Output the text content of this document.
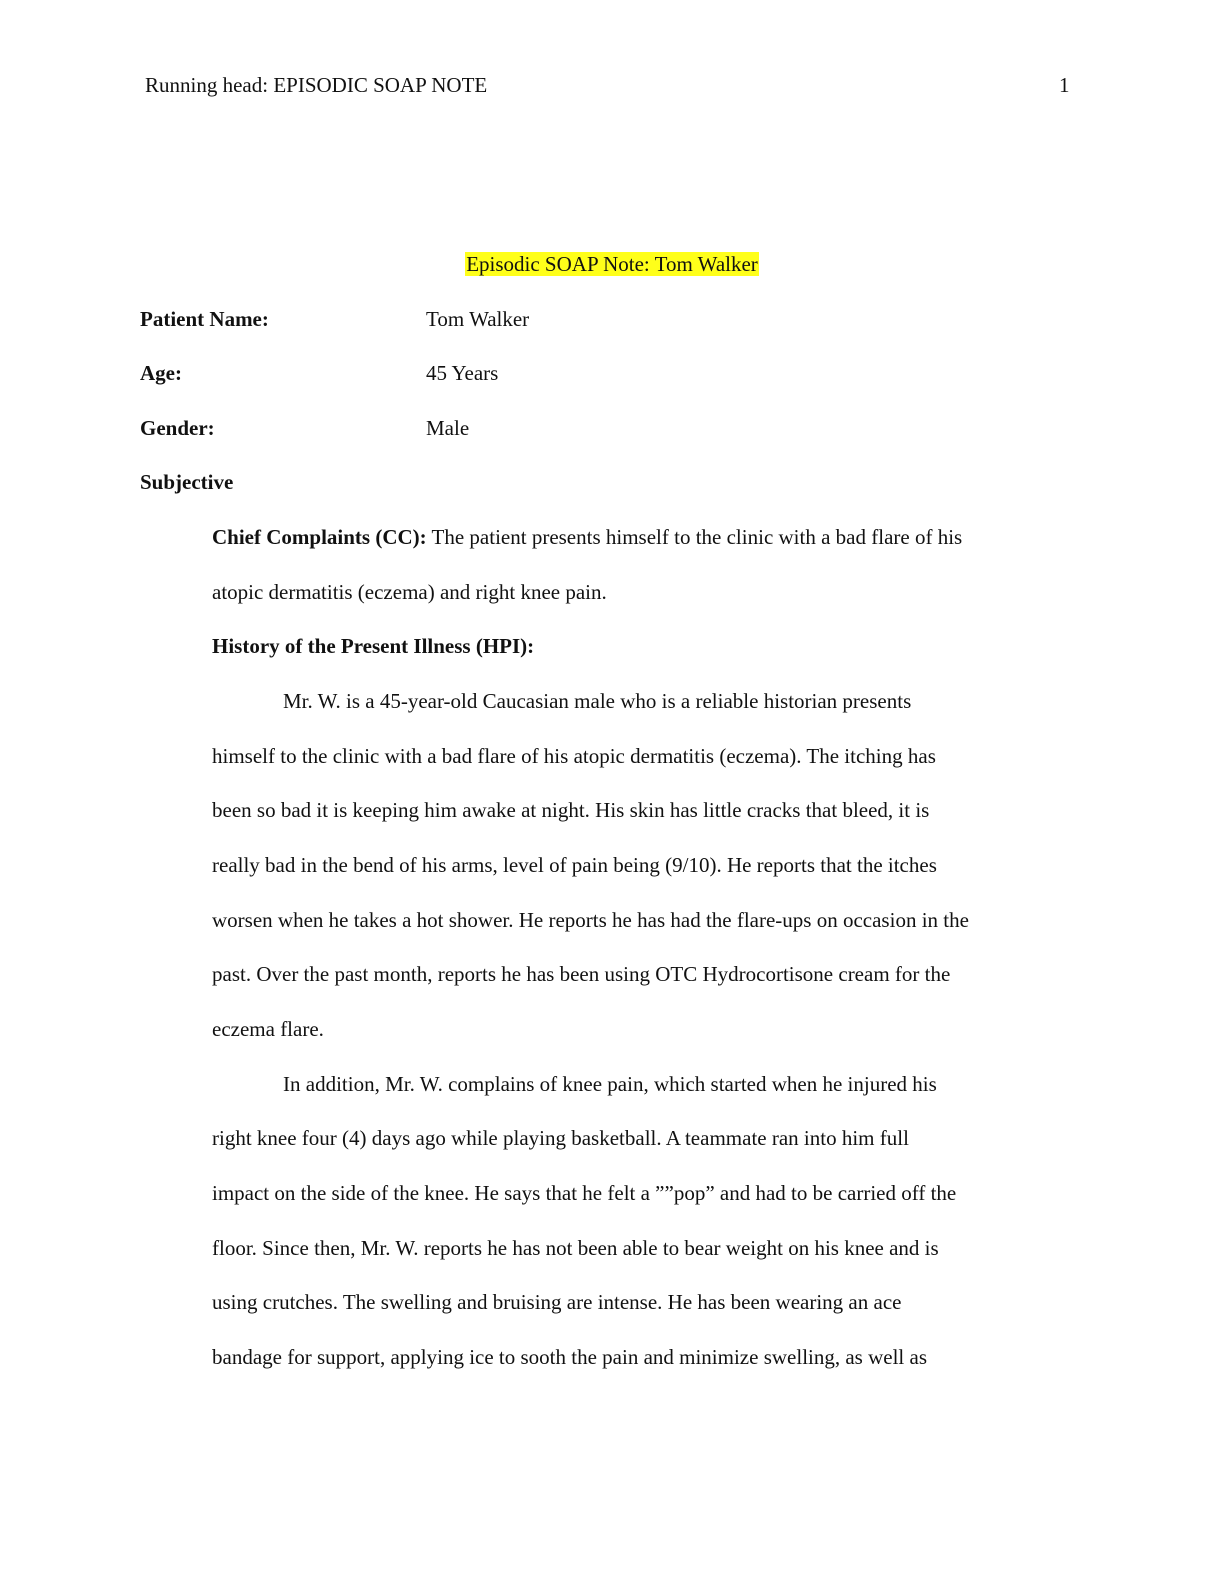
Running head: EPISODIC SOAP NOTE	1
Episodic SOAP Note: Tom Walker
Patient Name:	Tom Walker
Age:	45 Years
Gender:	Male
Subjective
Chief Complaints (CC): The patient presents himself to the clinic with a bad flare of his
atopic dermatitis (eczema) and right knee pain.
History of the Present Illness (HPI):
Mr. W. is a 45-year-old Caucasian male who is a reliable historian presents
himself to the clinic with a bad flare of his atopic dermatitis (eczema). The itching has
been so bad it is keeping him awake at night. His skin has little cracks that bleed, it is
really bad in the bend of his arms, level of pain being (9/10). He reports that the itches
worsen when he takes a hot shower. He reports he has had the flare-ups on occasion in the
past. Over the past month, reports he has been using OTC Hydrocortisone cream for the
eczema flare.
In addition, Mr. W. complains of knee pain, which started when he injured his
right knee four (4) days ago while playing basketball. A teammate ran into him full
impact on the side of the knee. He says that he felt a ””pop” and had to be carried off the
floor. Since then, Mr. W. reports he has not been able to bear weight on his knee and is
using crutches. The swelling and bruising are intense. He has been wearing an ace
bandage for support, applying ice to sooth the pain and minimize swelling, as well as
